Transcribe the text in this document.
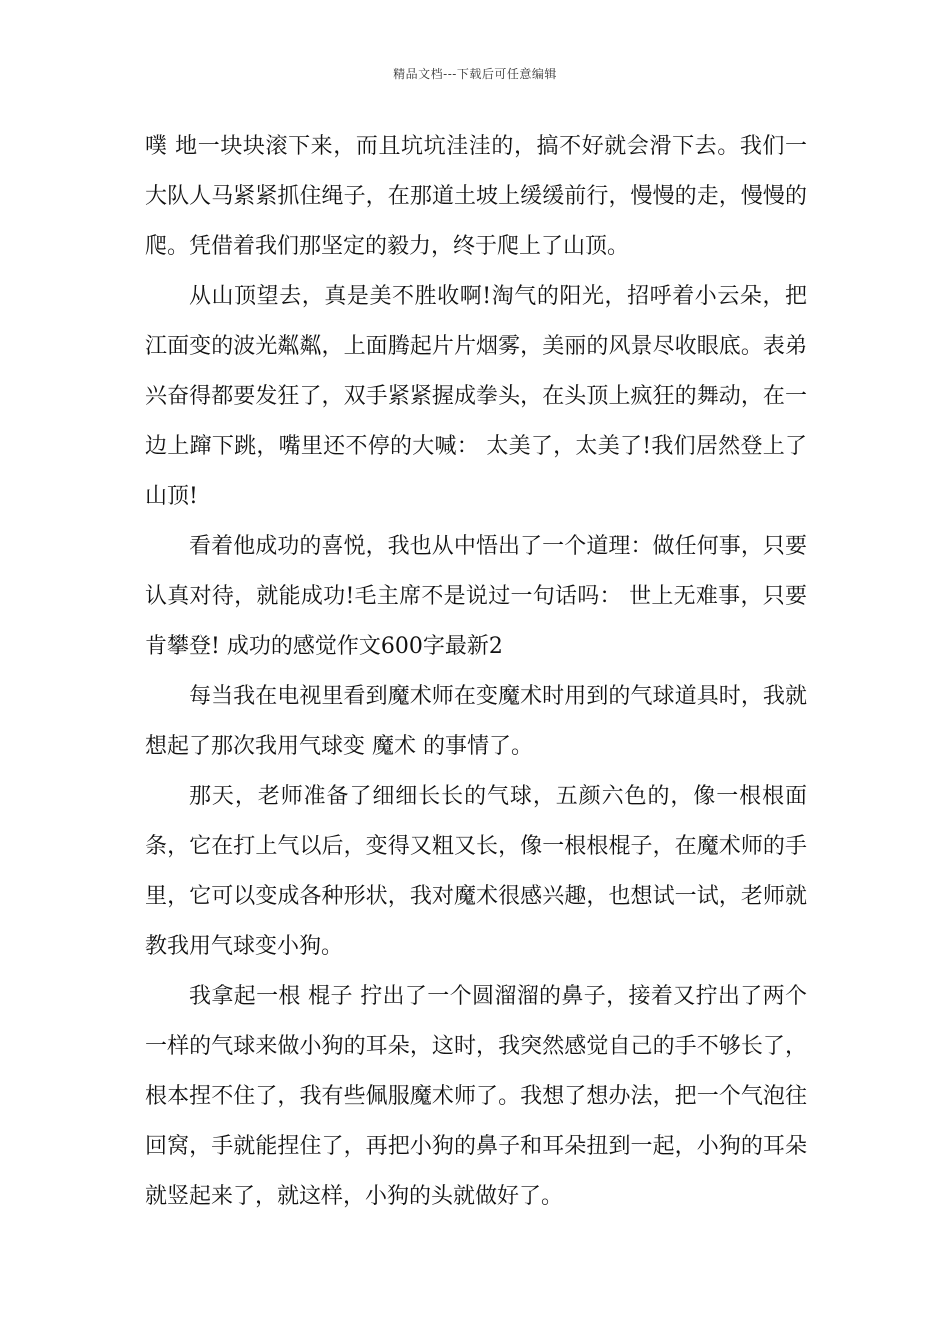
精品文档---下载后可任意编辑

噗 地一块块滚下来，而且坑坑洼洼的，搞不好就会滑下去。我们一大队人马紧紧抓住绳子，在那道土坡上缓缓前行，慢慢的走，慢慢的爬。凭借着我们那坚定的毅力，终于爬上了山顶。

从山顶望去，真是美不胜收啊!淘气的阳光，招呼着小云朵，把江面变的波光粼粼，上面腾起片片烟雾，美丽的风景尽收眼底。表弟兴奋得都要发狂了，双手紧紧握成拳头，在头顶上疯狂的舞动，在一边上蹿下跳，嘴里还不停的大喊： 太美了，太美了!我们居然登上了山顶!

看着他成功的喜悦，我也从中悟出了一个道理：做任何事，只要认真对待，就能成功!毛主席不是说过一句话吗： 世上无难事，只要肯攀登! 成功的感觉作文600字最新2

每当我在电视里看到魔术师在变魔术时用到的气球道具时，我就想起了那次我用气球变 魔术 的事情了。

那天，老师准备了细细长长的气球，五颜六色的，像一根根面条，它在打上气以后，变得又粗又长，像一根根棍子，在魔术师的手里，它可以变成各种形状，我对魔术很感兴趣，也想试一试，老师就教我用气球变小狗。

我拿起一根 棍子 拧出了一个圆溜溜的鼻子，接着又拧出了两个一样的气球来做小狗的耳朵，这时，我突然感觉自己的手不够长了，根本捏不住了，我有些佩服魔术师了。我想了想办法，把一个气泡往回窝，手就能捏住了，再把小狗的鼻子和耳朵扭到一起，小狗的耳朵就竖起来了，就这样，小狗的头就做好了。
